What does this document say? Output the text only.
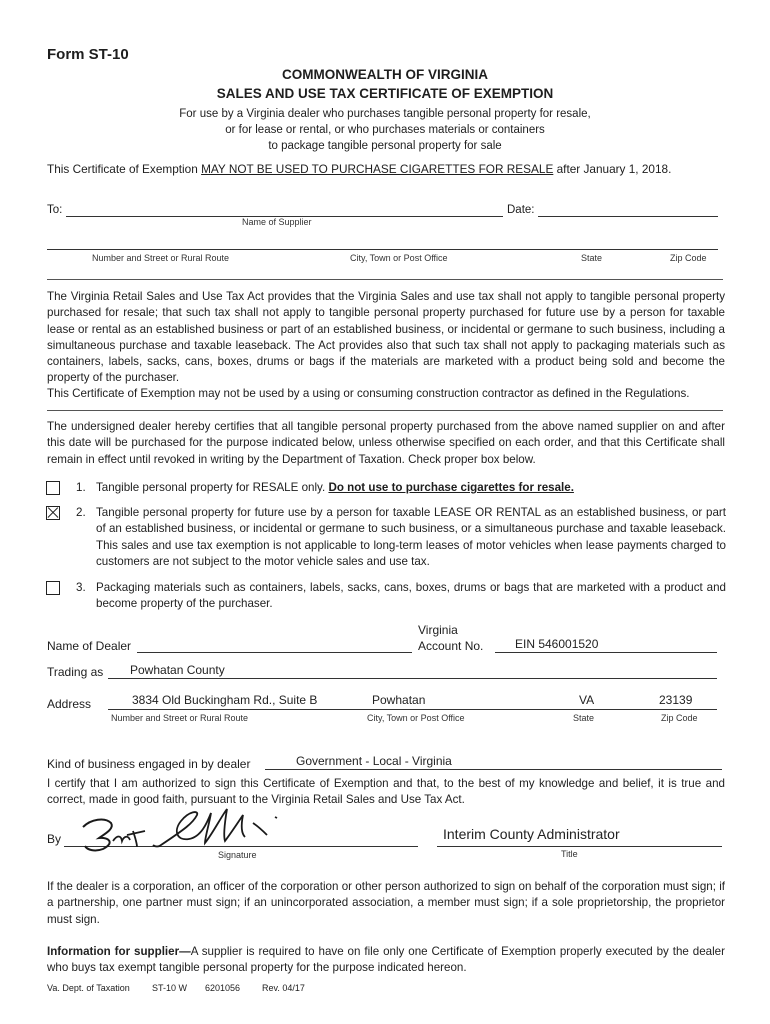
Form ST-10
COMMONWEALTH OF VIRGINIA
SALES AND USE TAX CERTIFICATE OF EXEMPTION
For use by a Virginia dealer who purchases tangible personal property for resale,
or for lease or rental, or who purchases materials or containers
to package tangible personal property for sale
This Certificate of Exemption MAY NOT BE USED TO PURCHASE CIGARETTES FOR RESALE after January 1, 2018.
To:	Date:
Name of Supplier
Number and Street or Rural Route	City, Town or Post Office	State	Zip Code
The Virginia Retail Sales and Use Tax Act provides that the Virginia Sales and use tax shall not apply to tangible personal property purchased for resale; that such tax shall not apply to tangible personal property purchased for future use by a person for taxable lease or rental as an established business or part of an established business, or incidental or germane to such business, including a simultaneous purchase and taxable leaseback. The Act provides also that such tax shall not apply to packaging materials such as containers, labels, sacks, cans, boxes, drums or bags if the materials are marketed with a product being sold and become the property of the purchaser.
This Certificate of Exemption may not be used by a using or consuming construction contractor as defined in the Regulations.
The undersigned dealer hereby certifies that all tangible personal property purchased from the above named supplier on and after this date will be purchased for the purpose indicated below, unless otherwise specified on each order, and that this Certificate shall remain in effect until revoked in writing by the Department of Taxation. Check proper box below.
1. Tangible personal property for RESALE only. Do not use to purchase cigarettes for resale.
2. Tangible personal property for future use by a person for taxable LEASE OR RENTAL as an established business, or part of an established business, or incidental or germane to such business, or a simultaneous purchase and taxable leaseback. This sales and use tax exemption is not applicable to long-term leases of motor vehicles when lease payments charged to customers are not subject to the motor vehicle sales and use tax.
3. Packaging materials such as containers, labels, sacks, cans, boxes, drums or bags that are marketed with a product and become property of the purchaser.
Virginia
Name of Dealer	Account No.	EIN 546001520
Trading as Powhatan County
Address	3834 Old Buckingham Rd., Suite B	Powhatan	VA	23139
Number and Street or Rural Route	City, Town or Post Office	State	Zip Code
Kind of business engaged in by dealer	Government - Local - Virginia
I certify that I am authorized to sign this Certificate of Exemption and that, to the best of my knowledge and belief, it is true and correct, made in good faith, pursuant to the Virginia Retail Sales and Use Tax Act.
By
Signature
Interim County Administrator
Title
If the dealer is a corporation, an officer of the corporation or other person authorized to sign on behalf of the corporation must sign; if a partnership, one partner must sign; if an unincorporated association, a member must sign; if a sole proprietorship, the proprietor must sign.
Information for supplier—A supplier is required to have on file only one Certificate of Exemption properly executed by the dealer who buys tax exempt tangible personal property for the purpose indicated hereon.
Va. Dept. of Taxation ST-10 W 6201056 Rev. 04/17
